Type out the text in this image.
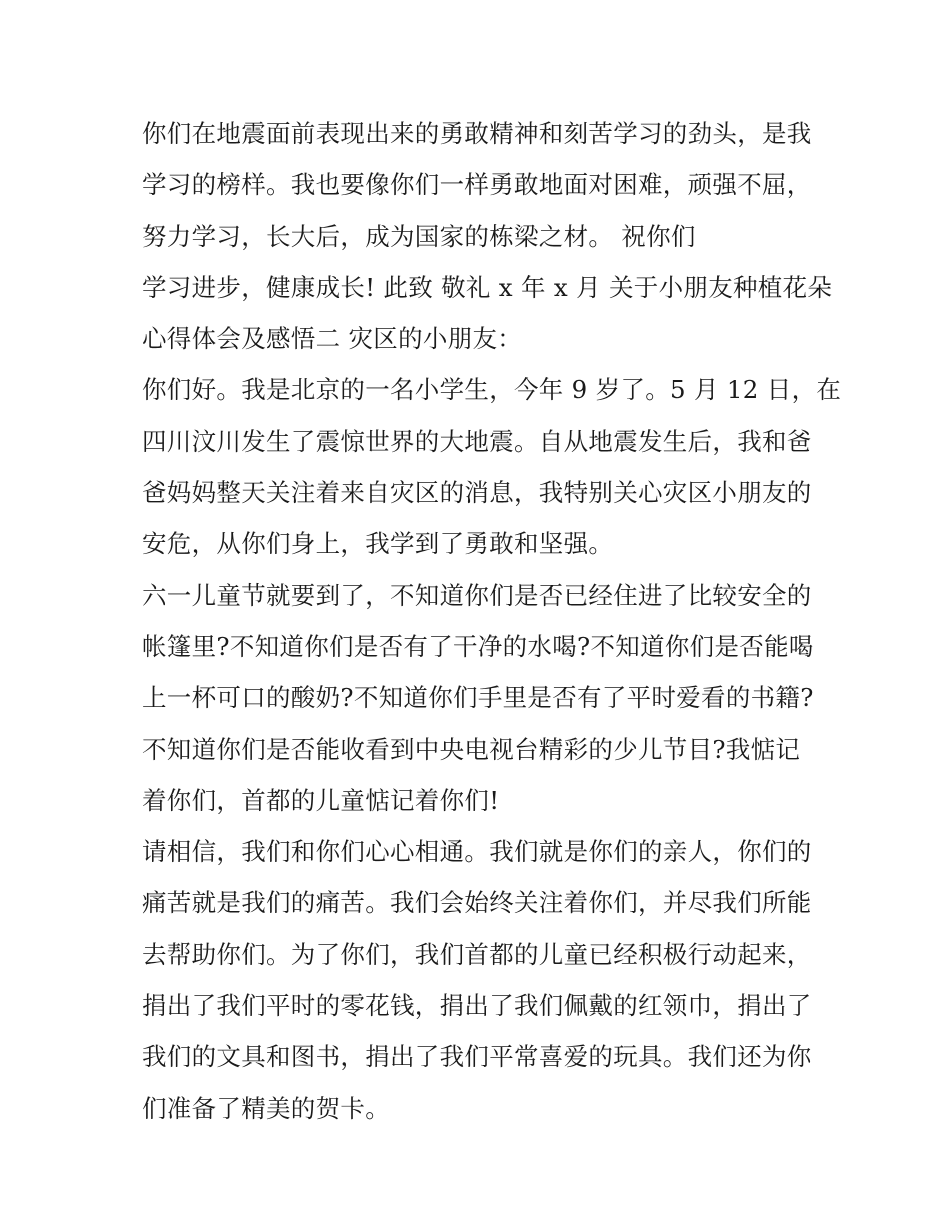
你们在地震面前表现出来的勇敢精神和刻苦学习的劲头，是我
学习的榜样。我也要像你们一样勇敢地面对困难，顽强不屈，
努力学习，长大后，成为国家的栋梁之材。 祝你们
学习进步，健康成长! 此致 敬礼 x 年 x 月 关于小朋友种植花朵
心得体会及感悟二 灾区的小朋友：
你们好。我是北京的一名小学生，今年 9 岁了。5 月 12 日，在
四川汶川发生了震惊世界的大地震。自从地震发生后，我和爸
爸妈妈整天关注着来自灾区的消息，我特别关心灾区小朋友的
安危，从你们身上，我学到了勇敢和坚强。
六一儿童节就要到了，不知道你们是否已经住进了比较安全的
帐篷里?不知道你们是否有了干净的水喝?不知道你们是否能喝
上一杯可口的酸奶?不知道你们手里是否有了平时爱看的书籍?
不知道你们是否能收看到中央电视台精彩的少儿节目?我惦记
着你们，首都的儿童惦记着你们!
请相信，我们和你们心心相通。我们就是你们的亲人，你们的
痛苦就是我们的痛苦。我们会始终关注着你们，并尽我们所能
去帮助你们。为了你们，我们首都的儿童已经积极行动起来，
捐出了我们平时的零花钱，捐出了我们佩戴的红领巾，捐出了
我们的文具和图书，捐出了我们平常喜爱的玩具。我们还为你
们准备了精美的贺卡。
